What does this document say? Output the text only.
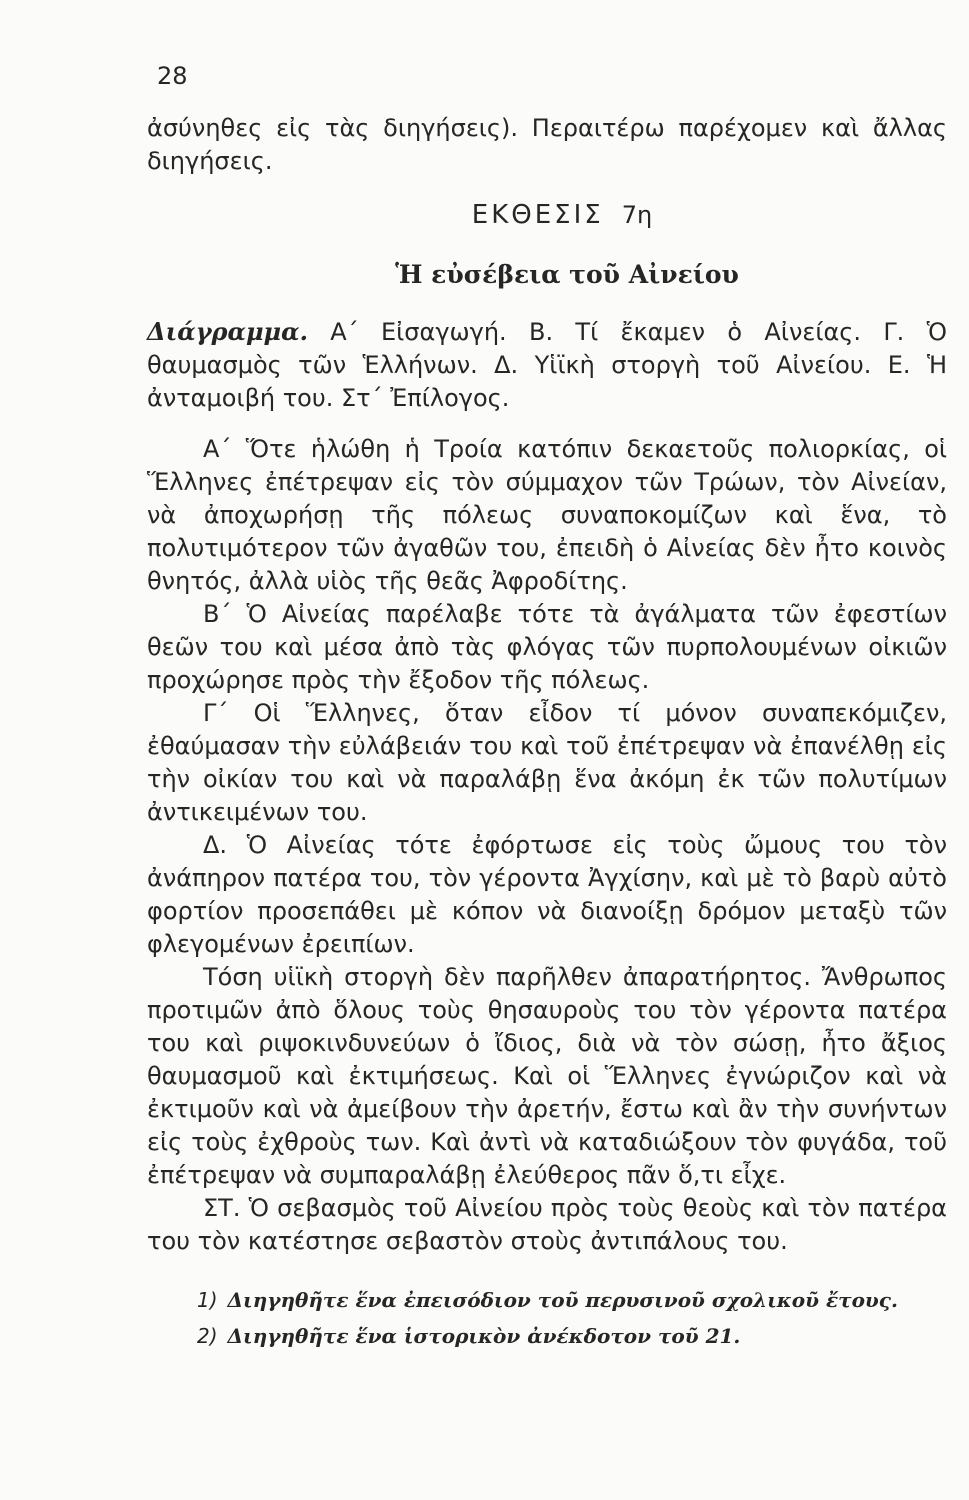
28

ἀσύνηθες εἰς τὰς διηγήσεις). Περαιτέρω παρέχομεν καὶ ἄλλας διηγήσεις.

ΕΚΘΕΣΙΣ 7η
Ἡ εὐσέβεια τοῦ Αἰνείου

Διάγραμμα. Α΄ Εἰσαγωγή. Β. Τί ἔκαμεν ὁ Αἰνείας. Γ. Ὁ θαυμασμὸς τῶν Ἑλλήνων. Δ. Υἱϊκὴ στοργὴ τοῦ Αἰνείου. Ε. Ἡ ἀνταμοιβή του. Στ΄ Ἐπίλογος.

Α΄ Ὅτε ἡλώθη ἡ Τροία κατόπιν δεκαετοῦς πολιορκίας, οἱ Ἕλληνες ἐπέτρεψαν εἰς τὸν σύμμαχον τῶν Τρώων, τὸν Αἰνείαν, νὰ ἀποχωρήσῃ τῆς πόλεως συναποκομίζων καὶ ἕνα, τὸ πολυτιμότερον τῶν ἀγαθῶν του, ἐπειδὴ ὁ Αἰνείας δὲν ἦτο κοινὸς θνητός, ἀλλὰ υἱὸς τῆς θεᾶς Ἀφροδίτης.

Β΄ Ὁ Αἰνείας παρέλαβε τότε τὰ ἀγάλματα τῶν ἐφεστίων θεῶν του καὶ μέσα ἀπὸ τὰς φλόγας τῶν πυρπολουμένων οἰκιῶν προχώρησε πρὸς τὴν ἔξοδον τῆς πόλεως.

Γ΄ Οἱ Ἕλληνες, ὅταν εἶδον τί μόνον συναπεκόμιζεν, ἐθαύμασαν τὴν εὐλάβειάν του καὶ τοῦ ἐπέτρεψαν νὰ ἐπανέλθῃ εἰς τὴν οἰκίαν του καὶ νὰ παραλάβῃ ἕνα ἀκόμη ἐκ τῶν πολυτίμων ἀντικειμένων του.

Δ. Ὁ Αἰνείας τότε ἐφόρτωσε εἰς τοὺς ὤμους του τὸν ἀνάπηρον πατέρα του, τὸν γέροντα Ἀγχίσην, καὶ μὲ τὸ βαρὺ αὐτὸ φορτίον προσεπάθει μὲ κόπον νὰ διανοίξῃ δρόμον μεταξὺ τῶν φλεγομένων ἐρειπίων.

Τόση υἱϊκὴ στοργὴ δὲν παρῆλθεν ἀπαρατήρητος. Ἄνθρωπος προτιμῶν ἀπὸ ὅλους τοὺς θησαυροὺς του τὸν γέροντα πατέρα του καὶ ριψοκινδυνεύων ὁ ἴδιος, διὰ νὰ τὸν σώσῃ, ἦτο ἄξιος θαυμασμοῦ καὶ ἐκτιμήσεως. Καὶ οἱ Ἕλληνες ἐγνώριζον καὶ νὰ ἐκτιμοῦν καὶ νὰ ἀμείβουν τὴν ἀρετήν, ἔστω καὶ ἂν τὴν συνήντων εἰς τοὺς ἐχθροὺς των. Καὶ ἀντὶ νὰ καταδιώξουν τὸν φυγάδα, τοῦ ἐπέτρεψαν νὰ συμπαραλάβῃ ἐλεύθερος πᾶν ὅ,τι εἶχε.

ΣΤ. Ὁ σεβασμὸς τοῦ Αἰνείου πρὸς τοὺς θεοὺς καὶ τὸν πατέρα του τὸν κατέστησε σεβαστὸν στοὺς ἀντιπάλους του.

1) Διηγηθῆτε ἕνα ἐπεισόδιον τοῦ περυσινοῦ σχολικοῦ ἔτους.
2) Διηγηθῆτε ἕνα ἱστορικὸν ἀνέκδοτον τοῦ 21.
